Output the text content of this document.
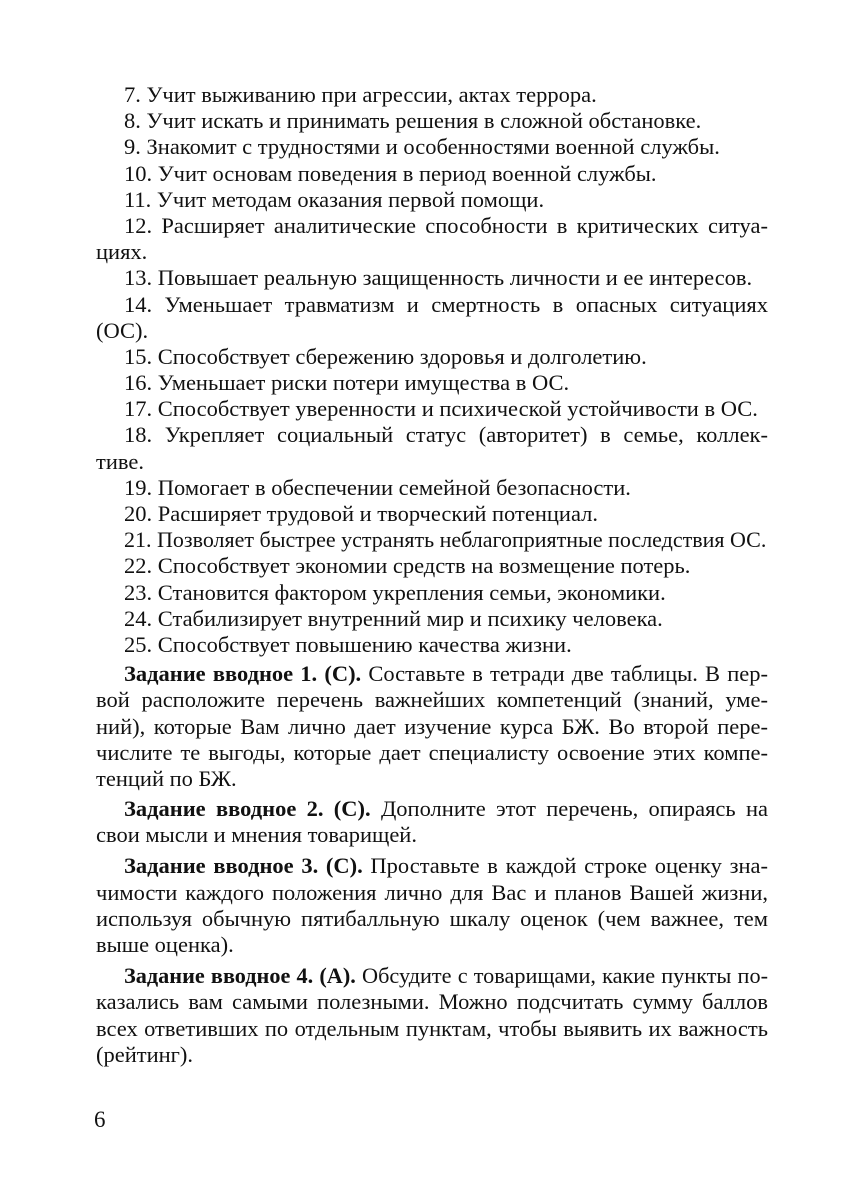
7. Учит выживанию при агрессии, актах террора.
8. Учит искать и принимать решения в сложной обстановке.
9. Знакомит с трудностями и особенностями военной службы.
10. Учит основам поведения в период военной службы.
11. Учит методам оказания первой помощи.
12. Расширяет аналитические способности в критических ситуа-
циях.
13. Повышает реальную защищенность личности и ее интересов.
14. Уменьшает травматизм и смертность в опасных ситуациях
(ОС).
15. Способствует сбережению здоровья и долголетию.
16. Уменьшает риски потери имущества в ОС.
17. Способствует уверенности и психической устойчивости в ОС.
18. Укрепляет социальный статус (авторитет) в семье, коллек-
тиве.
19. Помогает в обеспечении семейной безопасности.
20. Расширяет трудовой и творческий потенциал.
21. Позволяет быстрее устранять неблагоприятные последствия ОС.
22. Способствует экономии средств на возмещение потерь.
23. Становится фактором укрепления семьи, экономики.
24. Стабилизирует внутренний мир и психику человека.
25. Способствует повышению качества жизни.
Задание вводное 1. (С). Составьте в тетради две таблицы. В пер-
вой расположите перечень важнейших компетенций (знаний, уме-
ний), которые Вам лично дает изучение курса БЖ. Во второй пере-
числите те выгоды, которые дает специалисту освоение этих компе-
тенций по БЖ.
Задание вводное 2. (С). Дополните этот перечень, опираясь на
свои мысли и мнения товарищей.
Задание вводное 3. (С). Проставьте в каждой строке оценку зна-
чимости каждого положения лично для Вас и планов Вашей жизни,
используя обычную пятибалльную шкалу оценок (чем важнее, тем
выше оценка).
Задание вводное 4. (А). Обсудите с товарищами, какие пункты по-
казались вам самыми полезными. Можно подсчитать сумму баллов
всех ответивших по отдельным пунктам, чтобы выявить их важность
(рейтинг).
6
